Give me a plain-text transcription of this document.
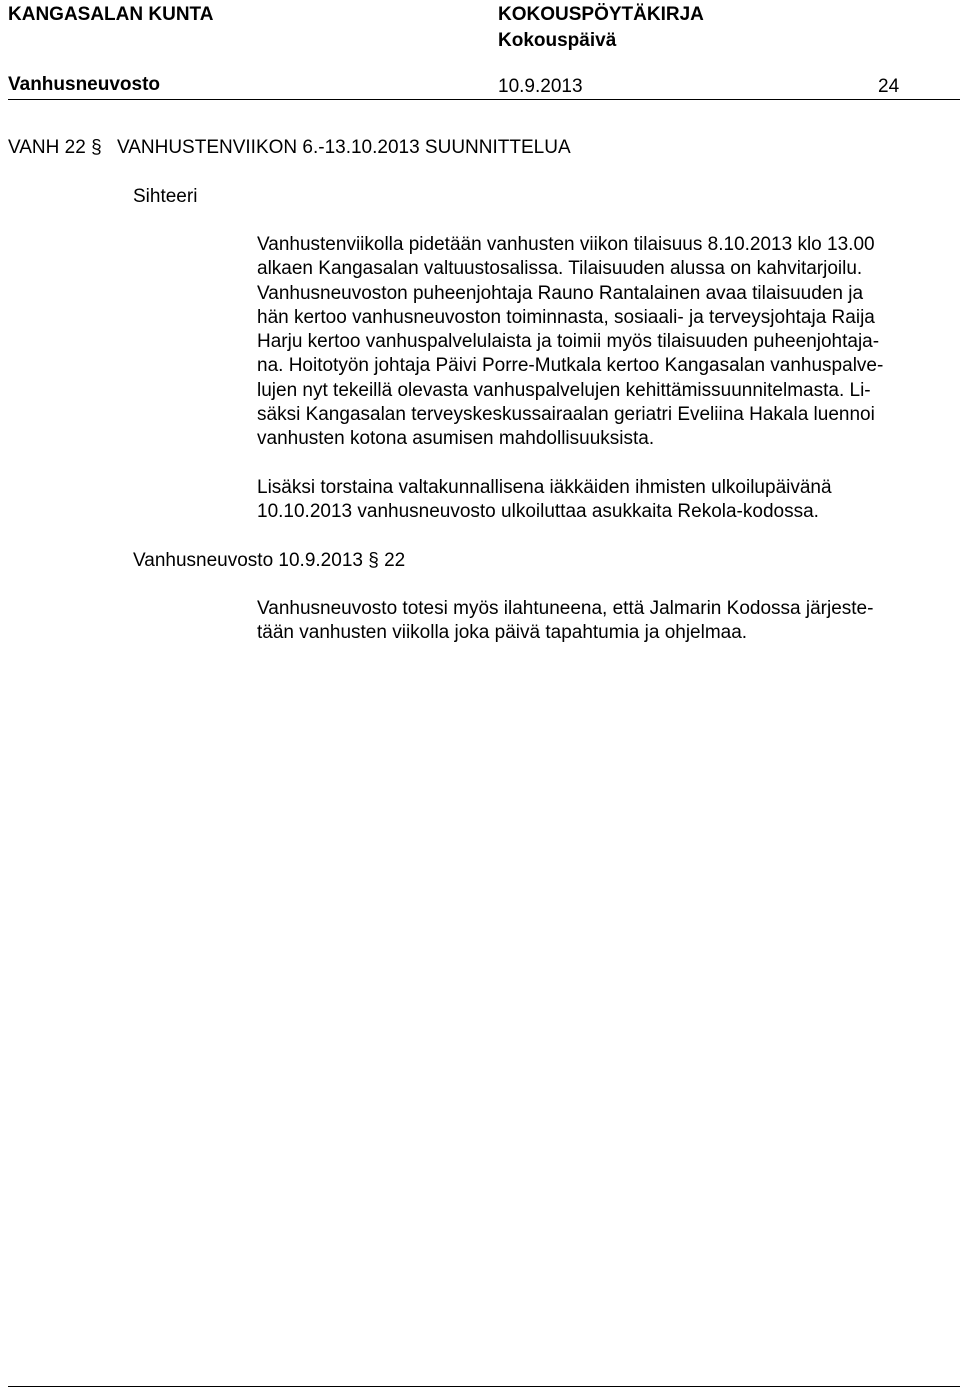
KANGASALAN KUNTA	KOKOUSPÖYTÄKIRJA
Kokouspäivä
Vanhusneuvosto	10.9.2013	24
VANH 22 § VANHUSTENVIIKON 6.-13.10.2013 SUUNNITTELUA
Sihteeri
Vanhustenviikolla pidetään vanhusten viikon tilaisuus 8.10.2013 klo 13.00
alkaen Kangasalan valtuustosalissa. Tilaisuuden alussa on kahvitarjoilu.
Vanhusneuvoston puheenjohtaja Rauno Rantalainen avaa tilaisuuden ja
hän kertoo vanhusneuvoston toiminnasta, sosiaali- ja terveysjohtaja Raija
Harju kertoo vanhuspalvelulaista ja toimii myös tilaisuuden puheenjohtaja-
na. Hoitotyön johtaja Päivi Porre-Mutkala kertoo Kangasalan vanhuspalve-
lujen nyt tekeillä olevasta vanhuspalvelujen kehittämissuunnitelmasta. Li-
säksi Kangasalan terveyskeskussairaalan geriatri Eveliina Hakala luennoi
vanhusten kotona asumisen mahdollisuuksista.
Lisäksi torstaina valtakunnallisena iäkkäiden ihmisten ulkoilupäivänä
10.10.2013 vanhusneuvosto ulkoiluttaa asukkaita Rekola-kodossa.
Vanhusneuvosto 10.9.2013 § 22
Vanhusneuvosto totesi myös ilahtuneena, että Jalmarin Kodossa järjeste-
tään vanhusten viikolla joka päivä tapahtumia ja ohjelmaa.
